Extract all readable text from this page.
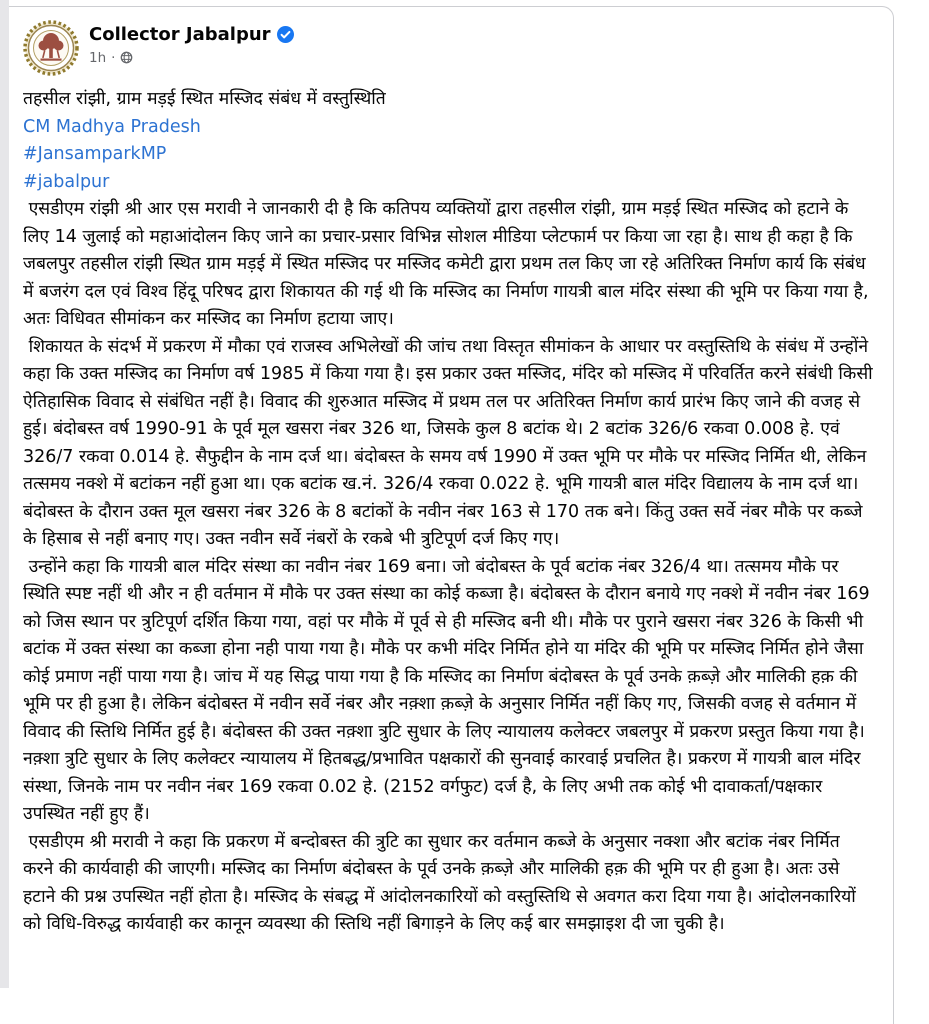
Collector Jabalpur
1h ·
तहसील रांझी, ग्राम मड़ई स्थित मस्जिद संबंध में वस्तुस्थिति
CM Madhya Pradesh
#JansamparkMP
#jabalpur
एसडीएम रांझी श्री आर एस मरावी ने जानकारी दी है कि कतिपय व्यक्तियों द्वारा तहसील रांझी, ग्राम मड़ई स्थित मस्जिद को हटाने के लिए 14 जुलाई को महाआंदोलन किए जाने का प्रचार-प्रसार विभिन्न सोशल मीडिया प्लेटफार्म पर किया जा रहा है। साथ ही कहा है कि जबलपुर तहसील रांझी स्थित ग्राम मड़ई में स्थित मस्जिद पर मस्जिद कमेटी द्वारा प्रथम तल किए जा रहे अतिरिक्त निर्माण कार्य कि संबंध में बजरंग दल एवं विश्व हिंदू परिषद द्वारा शिकायत की गई थी कि मस्जिद का निर्माण गायत्री बाल मंदिर संस्था की भूमि पर किया गया है, अतः विधिवत सीमांकन कर मस्जिद का निर्माण हटाया जाए।
शिकायत के संदर्भ में प्रकरण में मौका एवं राजस्व अभिलेखों की जांच तथा विस्तृत सीमांकन के आधार पर वस्तुस्तिथि के संबंध में उन्होंने कहा कि उक्त मस्जिद का निर्माण वर्ष 1985 में किया गया है। इस प्रकार उक्त मस्जिद, मंदिर को मस्जिद में परिवर्तित करने संबंधी किसी ऐतिहासिक विवाद से संबंधित नहीं है। विवाद की शुरुआत मस्जिद में प्रथम तल पर अतिरिक्त निर्माण कार्य प्रारंभ किए जाने की वजह से हुई। बंदोबस्त वर्ष 1990-91 के पूर्व मूल खसरा नंबर 326 था, जिसके कुल 8 बटांक थे। 2 बटांक 326/6 रकवा 0.008 हे. एवं 326/7 रकवा 0.014 हे. सैफुद्दीन के नाम दर्ज था। बंदोबस्त के समय वर्ष 1990 में उक्त भूमि पर मौके पर मस्जिद निर्मित थी, लेकिन तत्समय नक्शे में बटांकन नहीं हुआ था। एक बटांक ख.नं. 326/4 रकवा 0.022 हे. भूमि गायत्री बाल मंदिर विद्यालय के नाम दर्ज था। बंदोबस्त के दौरान उक्त मूल खसरा नंबर 326 के 8 बटांकों के नवीन नंबर 163 से 170 तक बने। किंतु उक्त सर्वे नंबर मौके पर कब्जे के हिसाब से नहीं बनाए गए। उक्त नवीन सर्वे नंबरों के रकबे भी त्रुटिपूर्ण दर्ज किए गए।
उन्होंने कहा कि गायत्री बाल मंदिर संस्था का नवीन नंबर 169 बना। जो बंदोबस्त के पूर्व बटांक नंबर 326/4 था। तत्समय मौके पर स्थिति स्पष्ट नहीं थी और न ही वर्तमान में मौके पर उक्त संस्था का कोई कब्जा है। बंदोबस्त के दौरान बनाये गए नक्शे में नवीन नंबर 169 को जिस स्थान पर त्रुटिपूर्ण दर्शित किया गया, वहां पर मौके में पूर्व से ही मस्जिद बनी थी। मौके पर पुराने खसरा नंबर 326 के किसी भी बटांक में उक्त संस्था का कब्जा होना नही पाया गया है। मौके पर कभी मंदिर निर्मित होने या मंदिर की भूमि पर मस्जिद निर्मित होने जैसा कोई प्रमाण नहीं पाया गया है। जांच में यह सिद्ध पाया गया है कि मस्जिद का निर्माण बंदोबस्त के पूर्व उनके क़ब्ज़े और मालिकी हक़ की भूमि पर ही हुआ है। लेकिन बंदोबस्त में नवीन सर्वे नंबर और नक़्शा क़ब्ज़े के अनुसार निर्मित नहीं किए गए, जिसकी वजह से वर्तमान में विवाद की स्तिथि निर्मित हुई है। बंदोबस्त की उक्त नक़्शा त्रुटि सुधार के लिए न्यायालय कलेक्टर जबलपुर में प्रकरण प्रस्तुत किया गया है। नक़्शा त्रुटि सुधार के लिए कलेक्टर न्यायालय में हितबद्ध/प्रभावित पक्षकारों की सुनवाई कारवाई प्रचलित है। प्रकरण में गायत्री बाल मंदिर संस्था, जिनके नाम पर नवीन नंबर 169 रकवा 0.02 हे. (2152 वर्गफुट) दर्ज है, के लिए अभी तक कोई भी दावाकर्ता/पक्षकार उपस्थित नहीं हुए हैं।
एसडीएम श्री मरावी ने कहा कि प्रकरण में बन्दोबस्त की त्रुटि का सुधार कर वर्तमान कब्जे के अनुसार नक्शा और बटांक नंबर निर्मित करने की कार्यवाही की जाएगी। मस्जिद का निर्माण बंदोबस्त के पूर्व उनके क़ब्ज़े और मालिकी हक़ की भूमि पर ही हुआ है। अतः उसे हटाने की प्रश्न उपस्थित नहीं होता है। मस्जिद के संबद्ध में आंदोलनकारियों को वस्तुस्तिथि से अवगत करा दिया गया है। आंदोलनकारियों को विधि-विरुद्ध कार्यवाही कर कानून व्यवस्था की स्तिथि नहीं बिगाड़ने के लिए कई बार समझाइश दी जा चुकी है।
